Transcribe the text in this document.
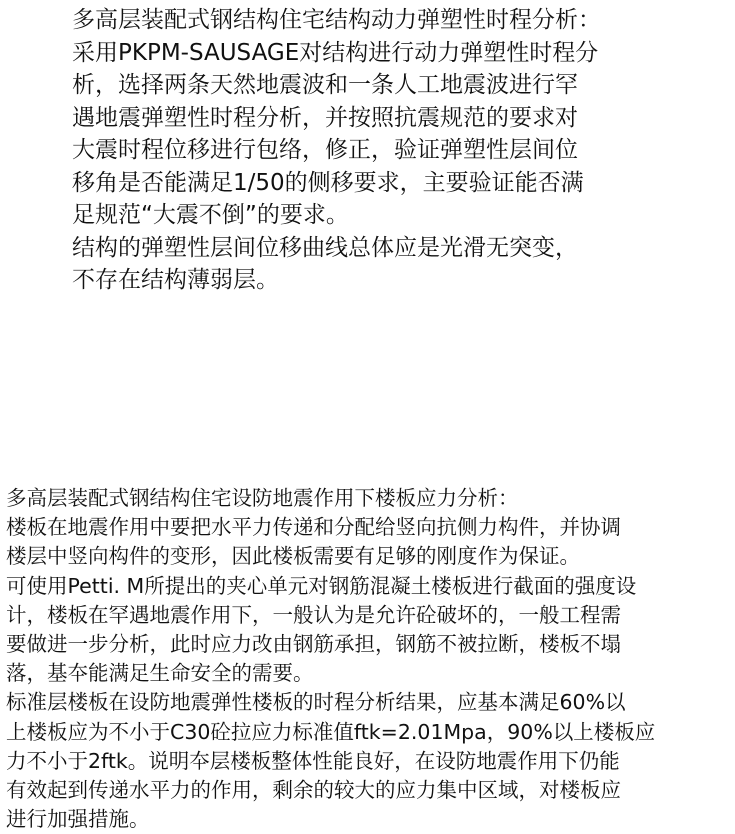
多高层装配式钢结构住宅结构动力弹塑性时程分析：
采用PKPM-SAUSAGE对结构进行动力弹塑性时程分
析，选择两条天然地震波和一条人工地震波进行罕
遇地震弹塑性时程分析，并按照抗震规范的要求对
大震时程位移进行包络，修正，验证弹塑性层间位
移角是否能满足1/50的侧移要求，主要验证能否满
足规范“大震不倒”的要求。
结构的弹塑性层间位移曲线总体应是光滑无突变，
不存在结构薄弱层。
多高层装配式钢结构住宅设防地震作用下楼板应力分析：
楼板在地震作用中要把水平力传递和分配给竖向抗侧力构件，并协调
楼层中竖向构件的变形，因此楼板需要有足够的刚度作为保证。
可使用Petti. M所提出的夹心单元对钢筋混凝土楼板进行截面的强度设
计，楼板在罕遇地震作用下，一般认为是允许砼破坏的，一般工程需
要做进一步分析，此时应力改由钢筋承担，钢筋不被拉断，楼板不塌
落，基夲能满足生命安全的需要。
标准层楼板在设防地震弹性楼板的时程分析结果，应基本满足60%以
上楼板应为不小于C30砼拉应力标准值ftk=2.01Mpa，90%以上楼板应
力不小于2ftk。说明夲层楼板整体性能良好，在设防地震作用下仍能
有效起到传递水平力的作用，剩余的较大的应力集中区域，对楼板应
进行加强措施。
